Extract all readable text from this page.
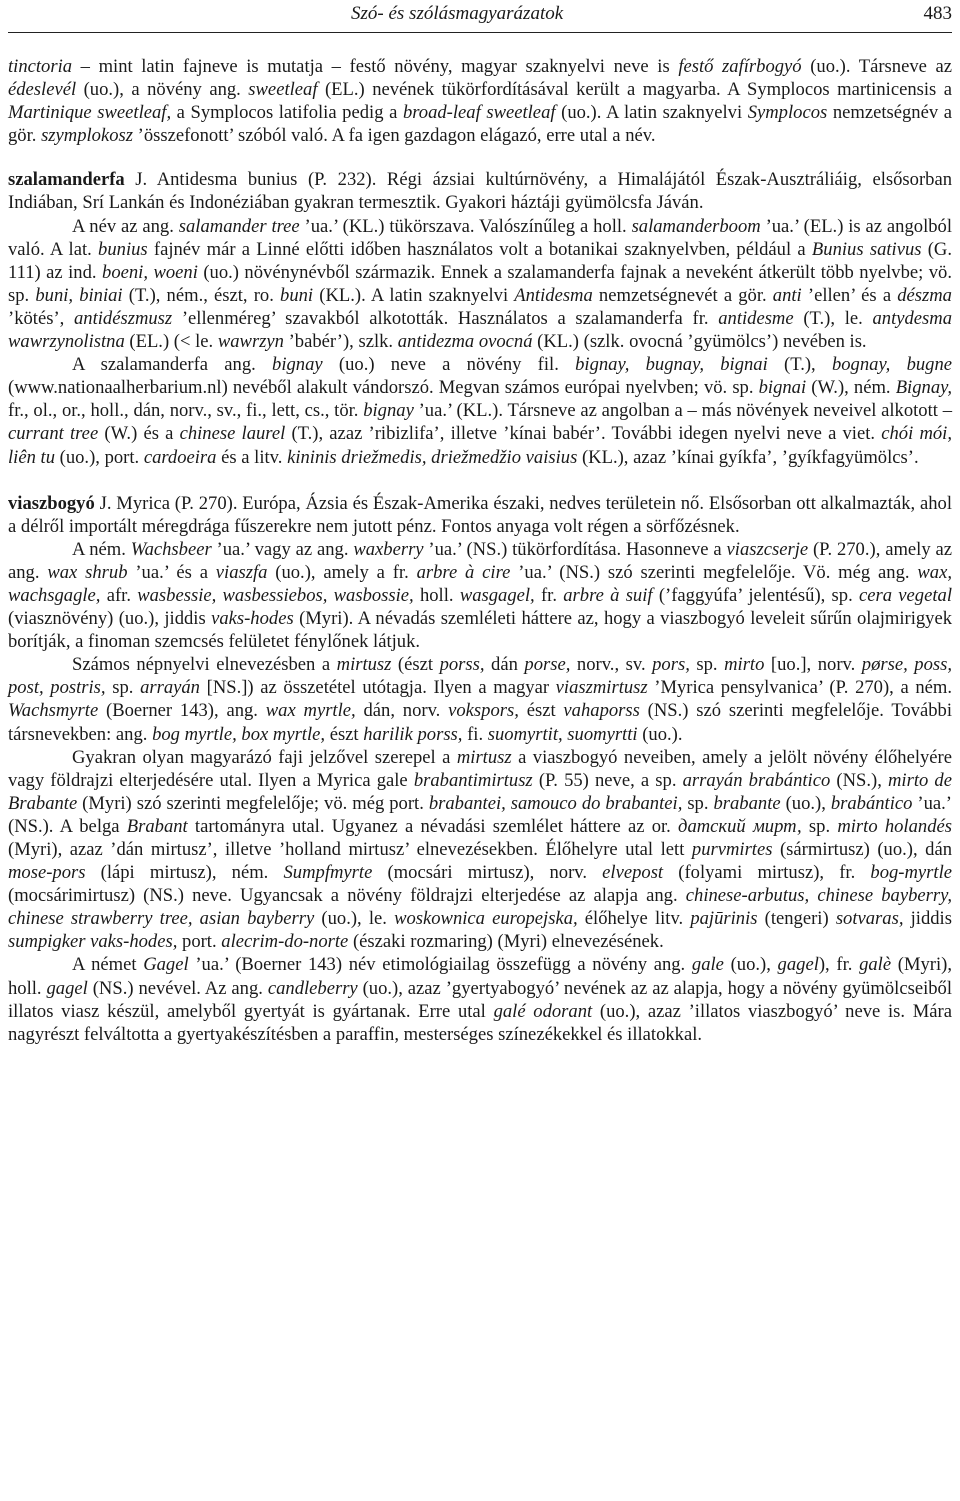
Szó- és szólásmagyarázatok	483

tinctoria – mint latin fajneve is mutatja – festő növény, magyar szaknyelvi neve is festő zafírbogyó (uo.). Társneve az édeslevél (uo.), a növény ang. sweetleaf (EL.) nevének tükörfordításával került a magyarba. A Symplocos martinicensis a Martinique sweetleaf, a Symplocos latifolia pedig a broad-leaf sweetleaf (uo.). A latin szaknyelvi Symplocos nemzetségnév a gör. szymplokosz ’összefonott’ szóból való. A fa igen gazdagon elágazó, erre utal a név.

szalamanderfa J. Antidesma bunius (P. 232). Régi ázsiai kultúrnövény, a Himalájától Észak-Ausztráliáig, elsősorban Indiában, Srí Lankán és Indonéziában gyakran termesztik. Gyakori háztáji gyümölcsfa Jáván.

A név az ang. salamander tree ’ua.’ (KL.) tükörszava. Valószínűleg a holl. salamanderboom ’ua.’ (EL.) is az angolból való. A lat. bunius fajnév már a Linné előtti időben használatos volt a botanikai szaknyelvben, például a Bunius sativus (G. 111) az ind. boeni, woeni (uo.) növénynévből származik. Ennek a szalamanderfa fajnak a neveként átkerült több nyelvbe; vö. sp. buni, biniai (T.), ném., észt, ro. buni (KL.). A latin szaknyelvi Antidesma nemzetségnevét a gör. anti ’ellen’ és a dészma ’kötés’, antidészmusz ’ellenméreg’ szavakból alkotották. Használatos a szalamanderfa fr. antidesme (T.), le. antydesma wawrzynolistna (EL.) (< le. wawrzyn ’babér’), szlk. antidezma ovocná (KL.) (szlk. ovocná ’gyümölcs’) nevében is.

A szalamanderfa ang. bignay (uo.) neve a növény fil. bignay, bugnay, bignai (T.), bognay, bugne (www.nationaalherbarium.nl) nevéből alakult vándorszó. Megvan számos európai nyelvben; vö. sp. bignai (W.), ném. Bignay, fr., ol., or., holl., dán, norv., sv., fi., lett, cs., tör. bignay ’ua.’ (KL.). Társneve az angolban a – más növények neveivel alkotott – currant tree (W.) és a chinese laurel (T.), azaz ’ribizlifa’, illetve ’kínai babér’. További idegen nyelvi neve a viet. chói mói, liên tu (uo.), port. cardoeira és a litv. kininis driežmedis, driežmedžio vaisius (KL.), azaz ’kínai gyíkfa’, ’gyíkfagyümölcs’.

viaszbogyó J. Myrica (P. 270). Európa, Ázsia és Észak-Amerika északi, nedves területein nő. Elsősorban ott alkalmazták, ahol a délről importált méregdrága fűszerekre nem jutott pénz. Fontos anyaga volt régen a sörfőzésnek.

A ném. Wachsbeer ’ua.’ vagy az ang. waxberry ’ua.’ (NS.) tükörfordítása. Hasonneve a viaszcserje (P. 270.), amely az ang. wax shrub ’ua.’ és a viaszfa (uo.), amely a fr. arbre à cire ’ua.’ (NS.) szó szerinti megfelelője. Vö. még ang. wax, wachsgagle, afr. wasbessie, wasbessiebos, wasbossie, holl. wasgagel, fr. arbre à suif (’faggyúfa’ jelentésű), sp. cera vegetal (viasznövény) (uo.), jiddis vaks-hodes (Myri). A névadás szemléleti háttere az, hogy a viaszbogyó leveleit sűrűn olajmirigyek borítják, a finoman szemcsés felületet fénylőnek látjuk.

Számos népnyelvi elnevezésben a mirtusz (észt porss, dán porse, norv., sv. pors, sp. mirto [uo.], norv. pørse, poss, post, postris, sp. arrayán [NS.]) az összetétel utótagja. Ilyen a magyar viaszmirtusz ’Myrica pensylvanica’ (P. 270), a ném. Wachsmyrte (Boerner 143), ang. wax myrtle, dán, norv. vokspors, észt vahaporss (NS.) szó szerinti megfelelője. További társnevekben: ang. bog myrtle, box myrtle, észt harilik porss, fi. suomyrtit, suomyrtti (uo.).

Gyakran olyan magyarázó faji jelzővel szerepel a mirtusz a viaszbogyó neveiben, amely a jelölt növény élőhelyére vagy földrajzi elterjedésére utal. Ilyen a Myrica gale brabantimirtusz (P. 55) neve, a sp. arrayán brabántico (NS.), mirto de Brabante (Myri) szó szerinti megfelelője; vö. még port. brabantei, samouco do brabantei, sp. brabante (uo.), brabántico ’ua.’ (NS.). A belga Brabant tartományra utal. Ugyanez a névadási szemlélet háttere az or. датский мирт, sp. mirto holandés (Myri), azaz ’dán mirtusz’, illetve ’holland mirtusz’ elnevezésekben. Élőhelyre utal lett purvmirtes (sármirtusz) (uo.), dán mose-pors (lápi mirtusz), ném. Sumpfmyrte (mocsári mirtusz), norv. elvepost (folyami mirtusz), fr. bog-myrtle (mocsárimirtusz) (NS.) neve. Ugyancsak a növény földrajzi elterjedése az alapja ang. chinese-arbutus, chinese bayberry, chinese strawberry tree, asian bayberry (uo.), le. woskownica europejska, élőhelye litv. pajūrinis (tengeri) sotvaras, jiddis sumpigker vaks-hodes, port. alecrim-do-norte (északi rozmaring) (Myri) elnevezésének.

A német Gagel ’ua.’ (Boerner 143) név etimológiailag összefügg a növény ang. gale (uo.), gagel), fr. galè (Myri), holl. gagel (NS.) nevével. Az ang. candleberry (uo.), azaz ’gyertyabogyó’ nevének az az alapja, hogy a növény gyümölcseiből illatos viasz készül, amelyből gyertyát is gyártanak. Erre utal galé odorant (uo.), azaz ’illatos viaszbogyó’ neve is. Mára nagyrészt felváltotta a gyertyakészítésben a paraffin, mesterséges színezékekkel és illatokkal.
